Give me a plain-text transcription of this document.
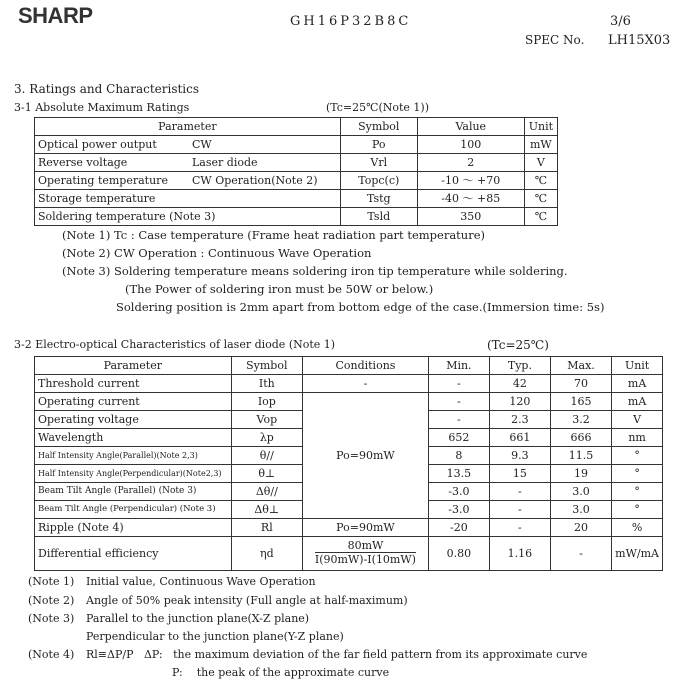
SHARP	GH16P32B8C	3/6
SPEC No. LH15X03
3. Ratings and Characteristics
3-1 Absolute Maximum Ratings	(Tc=25℃(Note 1))
Parameter		Symbol	Value	Unit
Optical power output	CW	Po	100	mW
Reverse voltage	Laser diode	Vrl	2	V
Operating temperature	CW Operation(Note 2)	Topc(c)	-10 ～ +70	℃
Storage temperature		Tstg	-40 ～ +85	℃
Soldering temperature (Note 3)		Tsld	350	℃
(Note 1) Tc : Case temperature (Frame heat radiation part temperature)
(Note 2) CW Operation : Continuous Wave Operation
(Note 3) Soldering temperature means soldering iron tip temperature while soldering.
(The Power of soldering iron must be 50W or below.)
Soldering position is 2mm apart from bottom edge of the case.(Immersion time: 5s)
3-2 Electro-optical Characteristics of laser diode (Note 1)	(Tc=25℃)
Parameter	Symbol	Conditions	Min.	Typ.	Max.	Unit
Threshold current	Ith	-	-	42	70	mA
Operating current	Iop	Po=90mW	-	120	165	mA
Operating voltage	Vop		-	2.3	3.2	V
Wavelength	λp		652	661	666	nm
Half Intensity Angle(Parallel)(Note 2,3)	θ//		8	9.3	11.5	°
Half Intensity Angle(Perpendicular)(Note2,3)	θ⊥		13.5	15	19	°
Beam Tilt Angle (Parallel) (Note 3)	Δθ//		-3.0	-	3.0	°
Beam Tilt Angle (Perpendicular) (Note 3)	Δθ⊥		-3.0	-	3.0	°
Ripple (Note 4)	Rl	Po=90mW	-20	-	20	%
Differential efficiency	ηd	$\frac{80mW}{I(90mW)-I(10mW)}$	0.80	1.16	-	mW/mA
(Note 1) Initial value, Continuous Wave Operation
(Note 2) Angle of 50% peak intensity (Full angle at half-maximum)
(Note 3) Parallel to the junction plane(X-Z plane)
Perpendicular to the junction plane(Y-Z plane)
(Note 4) Rl≡ΔP/P   ΔP:   the maximum deviation of the far field pattern from its approximate curve
P:    the peak of the approximate curve
